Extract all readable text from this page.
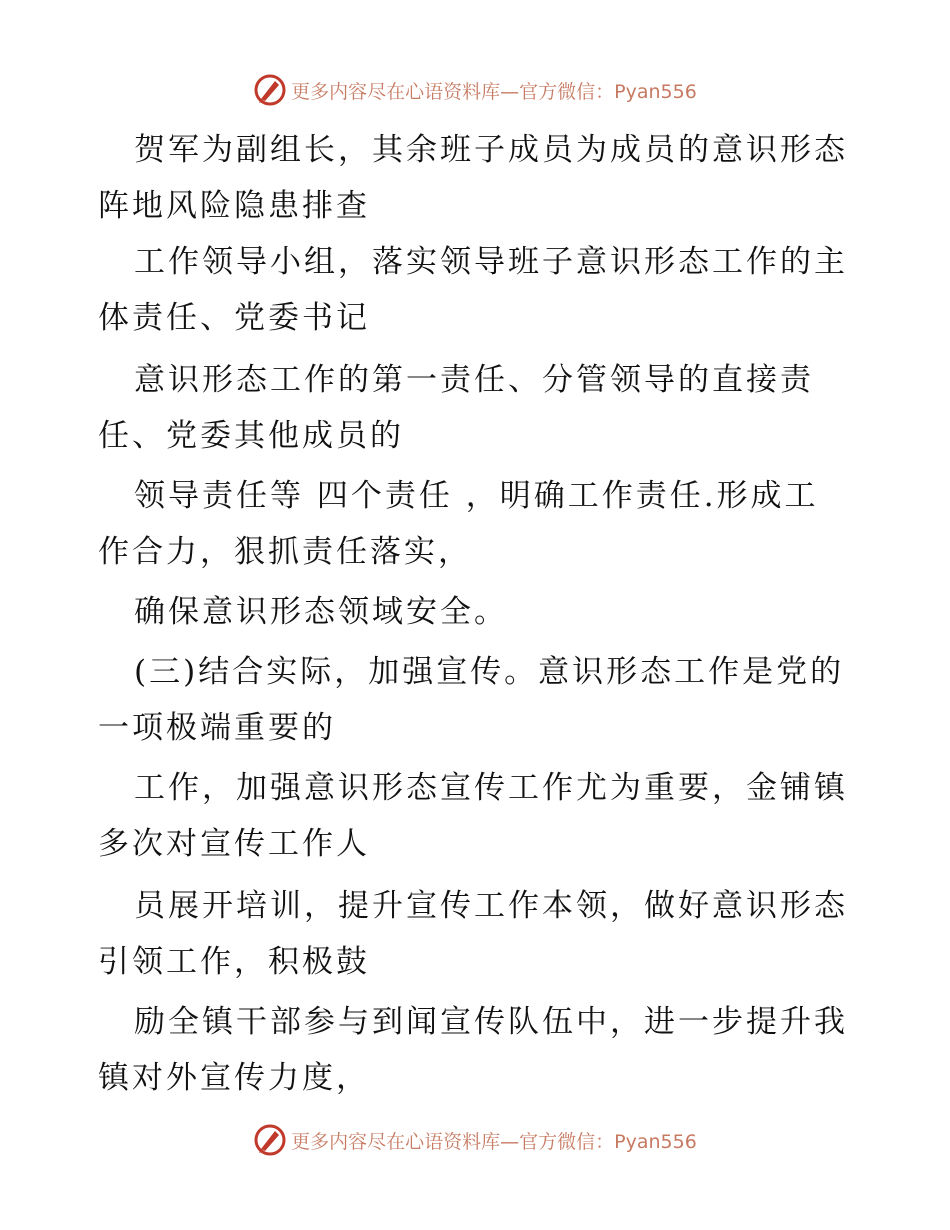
更多内容尽在心语资料库—官方微信：Pyan556
贺军为副组长，其余班子成员为成员的意识形态
阵地风险隐患排查
工作领导小组，落实领导班子意识形态工作的主
体责任、党委书记
意识形态工作的第一责任、分管领导的直接责
任、党委其他成员的
领导责任等 四个责任 ，明确工作责任.形成工
作合力，狠抓责任落实，
确保意识形态领域安全。
(三)结合实际，加强宣传。意识形态工作是党的
一项极端重要的
工作，加强意识形态宣传工作尤为重要，金铺镇
多次对宣传工作人
员展开培训，提升宣传工作本领，做好意识形态
引领工作，积极鼓
励全镇干部参与到闻宣传队伍中，进一步提升我
镇对外宣传力度，
更多内容尽在心语资料库—官方微信：Pyan556
